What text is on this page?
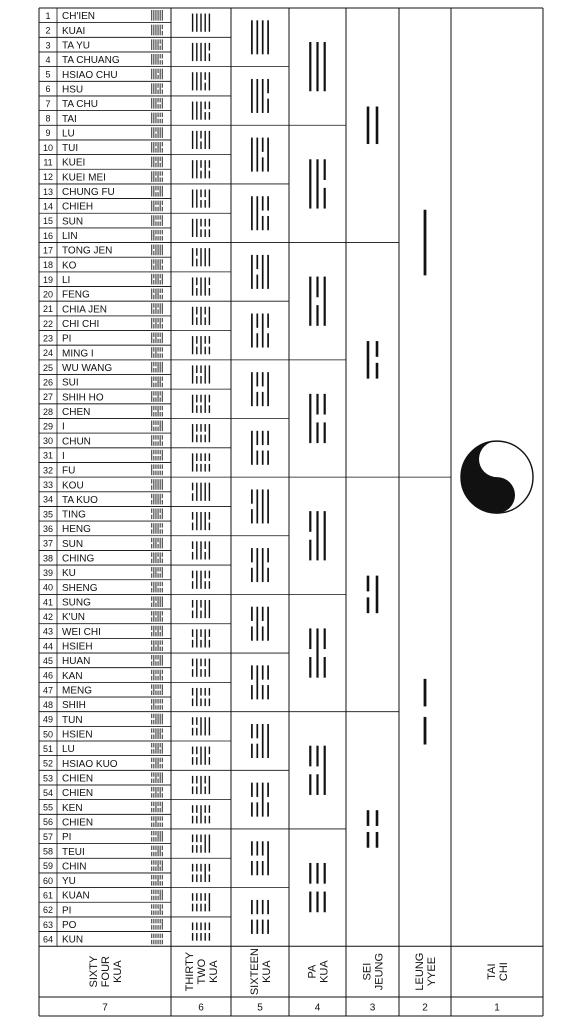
1 CH'IEN
2 KUAI
3 TA YU
4 TA CHUANG
5 HSIAO CHU
6 HSU
7 TA CHU
8 TAI
9 LU
10 TUI
11 KUEI
12 KUEI MEI
13 CHUNG FU
14 CHIEH
15 SUN
16 LIN
17 TONG JEN
18 KO
19 LI
20 FENG
21 CHIA JEN
22 CHI CHI
23 PI
24 MING I
25 WU WANG
26 SUI
27 SHIH HO
28 CHEN
29 I
30 CHUN
31 I
32 FU
33 KOU
34 TA KUO
35 TING
36 HENG
37 SUN
38 CHING
39 KU
40 SHENG
41 SUNG
42 K'UN
43 WEI CHI
44 HSIEH
45 HUAN
46 KAN
47 MENG
48 SHIH
49 TUN
50 HSIEN
51 LU
52 HSIAO KUO
53 CHIEN
54 CHIEN
55 KEN
56 CHIEN
57 PI
58 TEUI
59 CHIN
60 YU
61 KUAN
62 PI
63 PO
64 KUN
SIXTY FOUR KUA
7
THIRTY TWO KUA
6
SIXTEEN KUA
5
PA KUA
4
SEI JEUNG
3
LEUNG YYEE
2
TAI CHI
1
